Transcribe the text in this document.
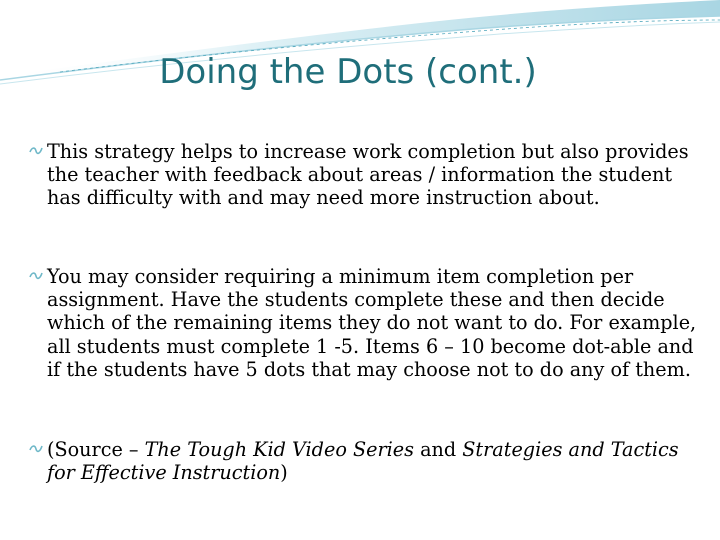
Doing the Dots (cont.)
This strategy helps to increase work completion but also provides the teacher with feedback about areas / information the student has difficulty with and may need more instruction about.
You may consider requiring a minimum item completion per assignment. Have the students complete these and then decide which of the remaining items they do not want to do. For example, all students must complete 1 -5. Items 6 – 10 become dot-able and if the students have 5 dots that may choose not to do any of them.
(Source – The Tough Kid Video Series and Strategies and Tactics for Effective Instruction)
